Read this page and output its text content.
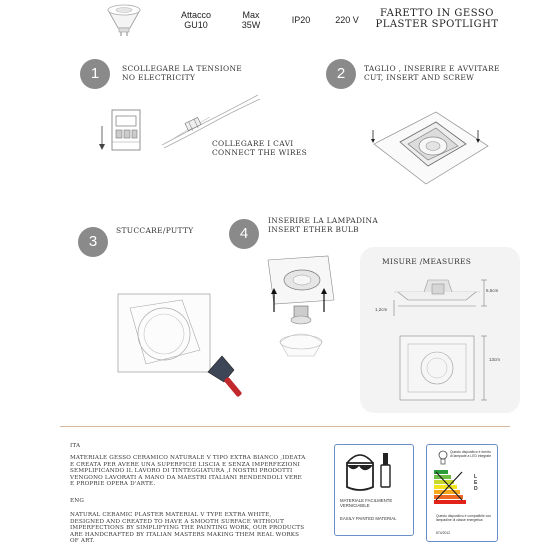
Attacco
GU10
Max
35W	IP20	220 V
FARETTO IN GESSO
PLASTER SPOTLIGHT
1	SCOLLEGARE LA TENSIONE
NO ELECTRICITY
COLLEGARE I CAVI
CONNECT THE WIRES
2	TAGLIO , INSERIRE E AVVITARE
CUT, INSERT AND SCREW
3
STUCCARE/PUTTY	4
INSERIRE LA LAMPADINA
INSERT ETHER BULB
MISURE /MEASURES
6,5cm
1,2cm
13cm
ITA
MATERIALE GESSO CERAMICO NATURALE V TIPO EXTRA BIANCO ,IDEATA E CREATA PER AVERE UNA SUPERFICIE LISCIA E SENZA IMPERFEZIONI SEMPLIFICANDO IL LAVORO DI TINTEGGIATURA ,I NOSTRI PRODOTTI VENGONO LAVORATI A MANO DA MAESTRI ITALIANI RENDENDOLI VERE E PROPRIE OPERA D'ARTE.
ENG
NATURAL CERAMIC PLASTER MATERIAL V TYPE EXTRA WHITE, DESIGNED AND CREATED TO HAVE A SMOOTH SURFACE WITHOUT IMPERFECTIONS BY SIMPLIFYING THE PAINTING WORK, OUR PRODUCTS ARE HANDCRAFTED BY ITALIAN MASTERS MAKING THEM REAL WORKS OF ART.
MATERIALE FACILMENTE VERNICIABILE
EASILY PAINTED MATERIAL
Questo dispositivo è fornito di lampade a LED integrate
LED
Questo dispositivo è compatibile con lampadine di classe energetica
874/2012
